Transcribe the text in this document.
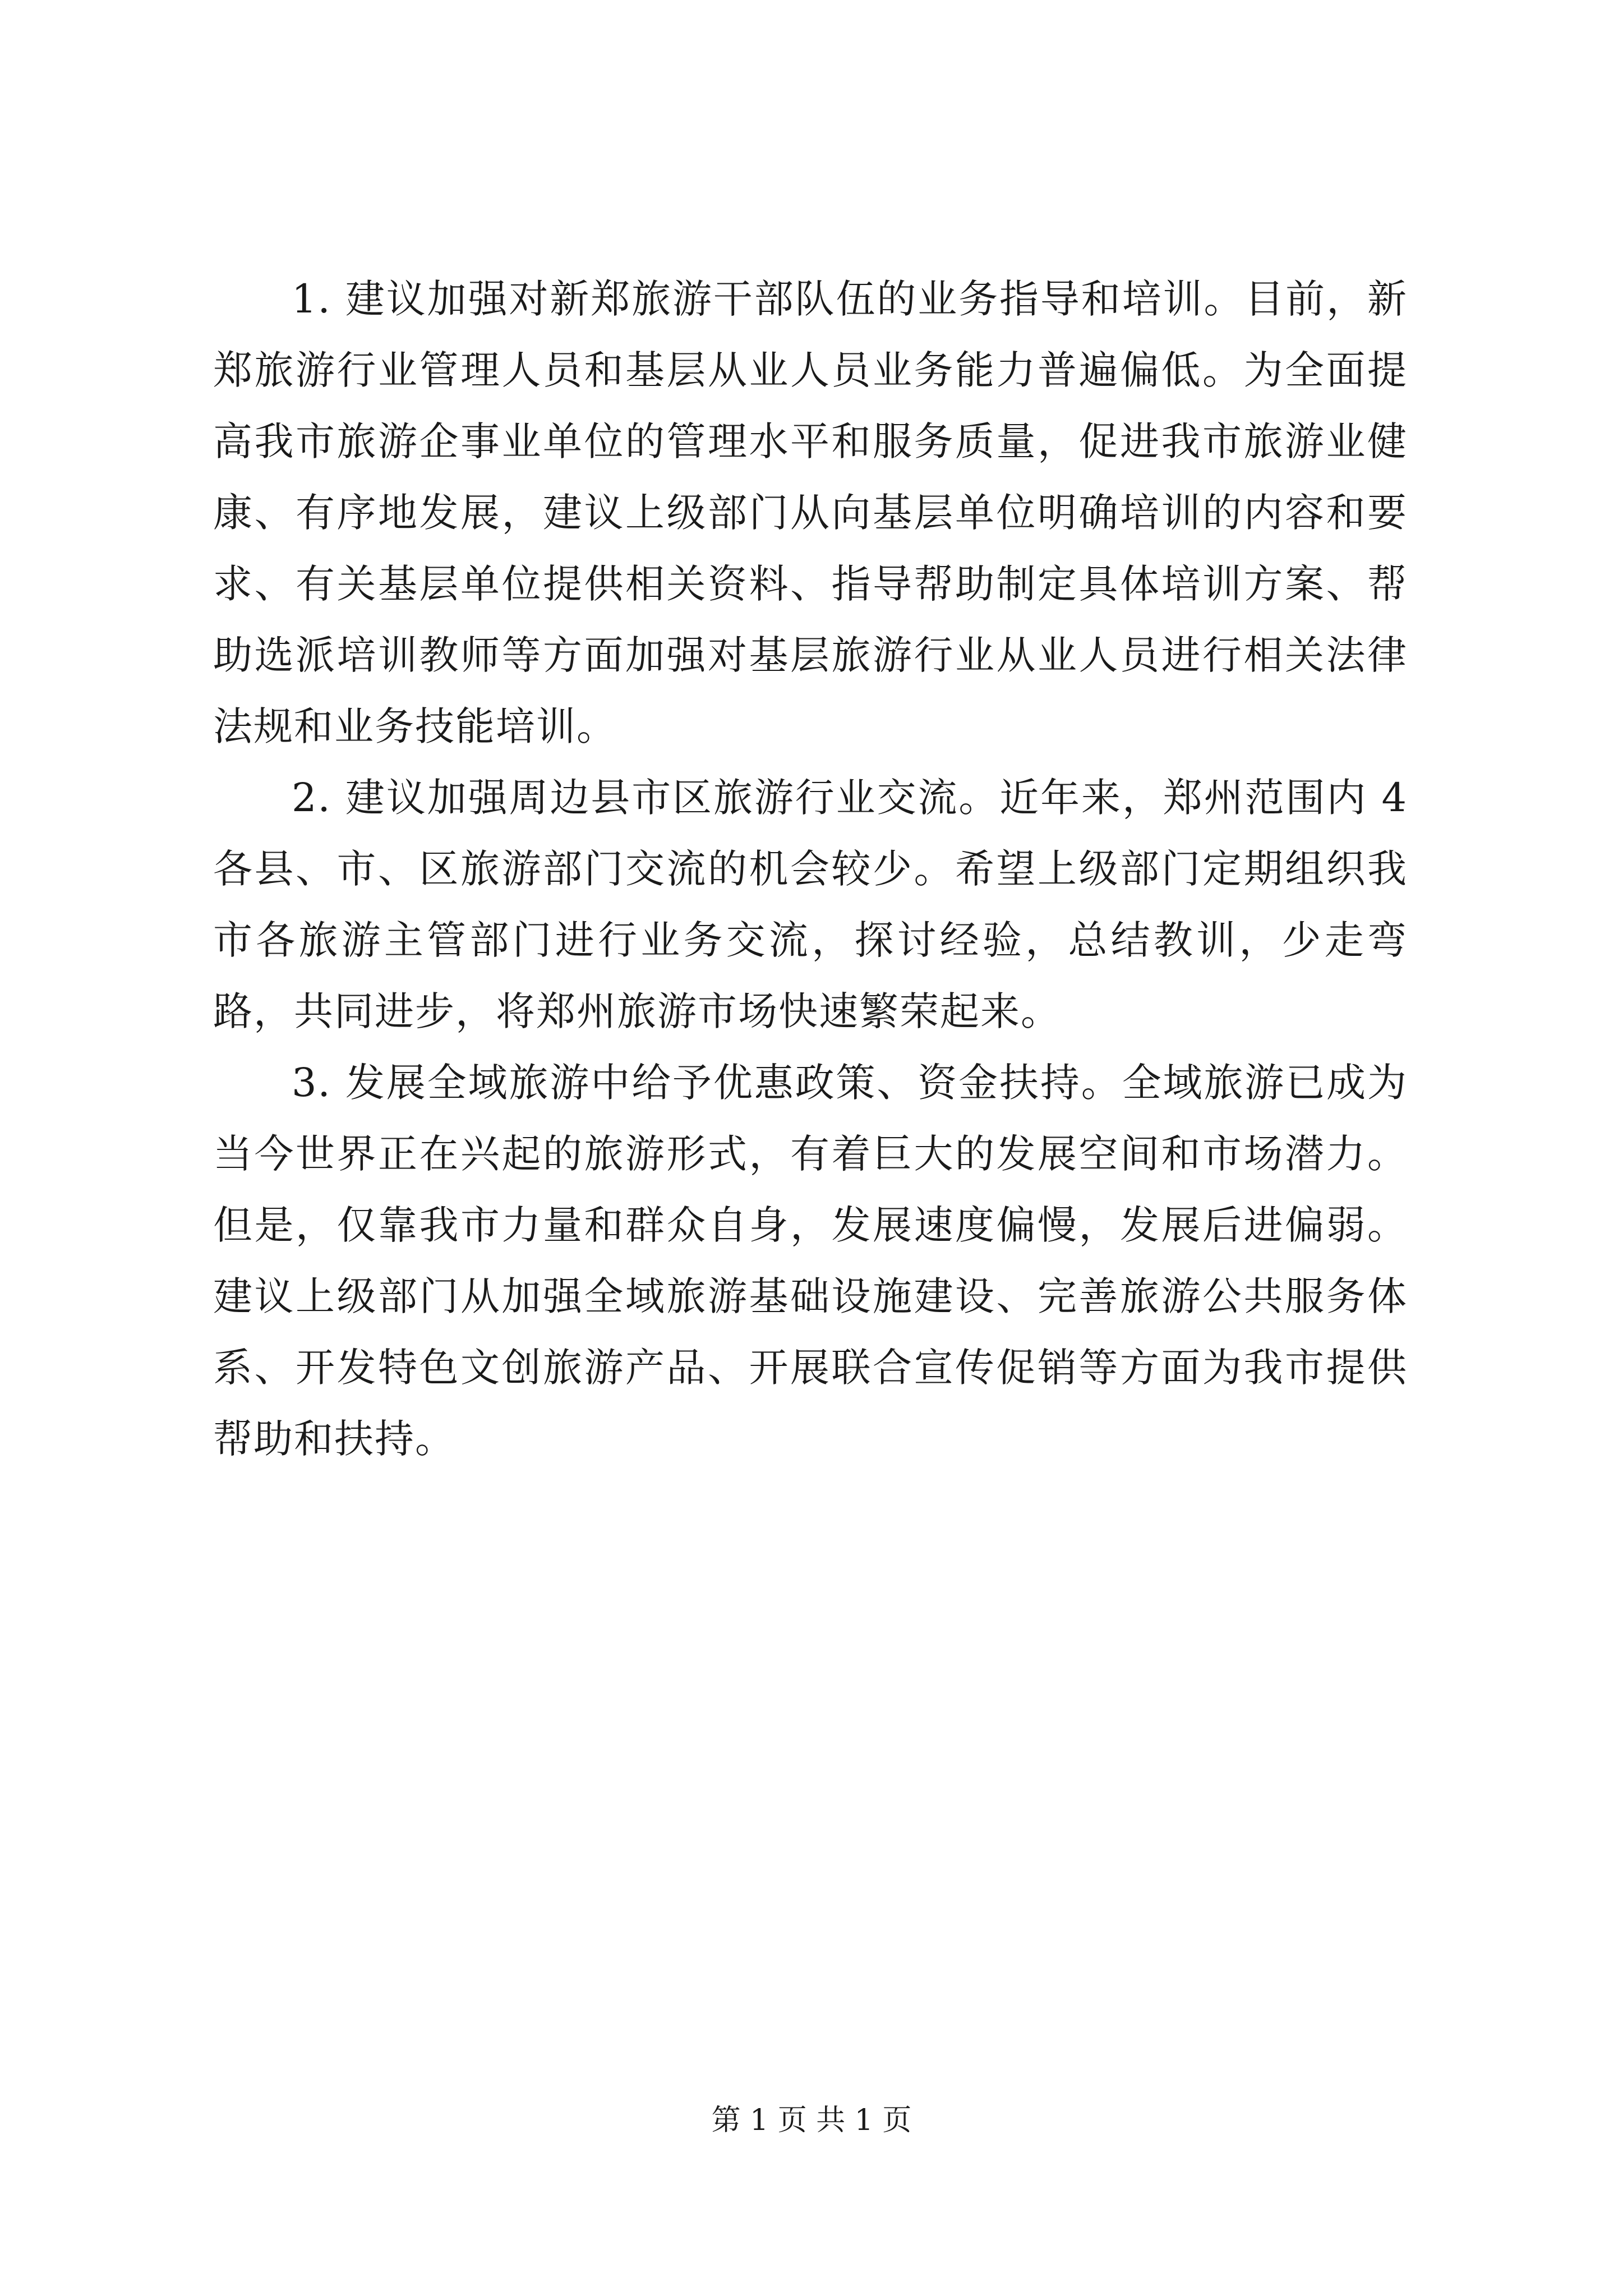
1. 建议加强对新郑旅游干部队伍的业务指导和培训。目前，新郑旅游行业管理人员和基层从业人员业务能力普遍偏低。为全面提高我市旅游企事业单位的管理水平和服务质量，促进我市旅游业健康、有序地发展，建议上级部门从向基层单位明确培训的内容和要求、有关基层单位提供相关资料、指导帮助制定具体培训方案、帮助选派培训教师等方面加强对基层旅游行业从业人员进行相关法律法规和业务技能培训。

2. 建议加强周边县市区旅游行业交流。近年来，郑州范围内 4 各县、市、区旅游部门交流的机会较少。希望上级部门定期组织我市各旅游主管部门进行业务交流，探讨经验，总结教训，少走弯路，共同进步，将郑州旅游市场快速繁荣起来。

3. 发展全域旅游中给予优惠政策、资金扶持。全域旅游已成为当今世界正在兴起的旅游形式，有着巨大的发展空间和市场潜力。但是，仅靠我市力量和群众自身，发展速度偏慢，发展后进偏弱。建议上级部门从加强全域旅游基础设施建设、完善旅游公共服务体系、开发特色文创旅游产品、开展联合宣传促销等方面为我市提供帮助和扶持。

第 1 页 共 1 页
